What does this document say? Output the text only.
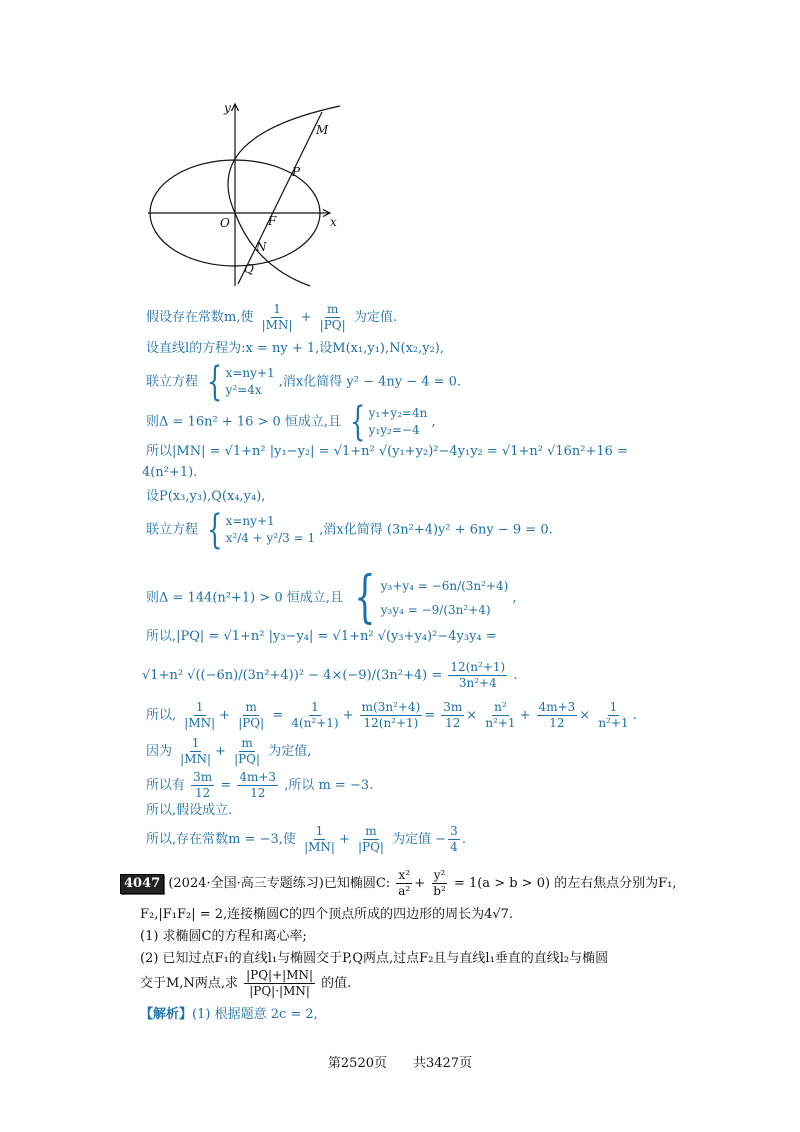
y
x
O	F
M
P
N
Q
假设存在常数m,使 $\frac{1}{|MN|} + \frac{m}{|PQ|}$ 为定值.
设直线l的方程为:x = ny + 1,设M(x₁,y₁),N(x₂,y₂),
联立方程 { x=ny+1
y²=4x
,消x化简得 y² − 4ny − 4 = 0.
则Δ = 16n² + 16 > 0 恒成立,且 { y₁+y₂=4n
y₁y₂=−4
,
所以|MN| = √1+n² |y₁−y₂| = √1+n² √(y₁+y₂)²−4y₁y₂ = √1+n² √16n²+16 =
4(n²+1).
设P(x₃,y₃),Q(x₄,y₄),
联立方程 { x=ny+1
x²/4 + y²/3 = 1
,消x化简得 (3n²+4)y² + 6ny − 9 = 0.
则Δ = 144(n²+1) > 0 恒成立,且 { y₃+y₄ = −6n/(3n²+4)
y₃y₄ = −9/(3n²+4)
,
所以,|PQ| = √1+n² |y₃−y₄| = √1+n² √(y₃+y₄)²−4y₃y₄ =
√1+n² $√((-6n)/(3n^2+4))^2 - 4\times(-9)/(3n^2+4) = \frac{\text{12(n²+1)}}{\text{3n²+4}}$ .
所以, $\frac{1}{|MN|} + \frac{m}{|PQ|} = \frac{1}{\text{4(n²+1)}} + \frac{\text{m(3n²+4)}}{\text{12(n²+1)}} = \frac{3m}{12} \times \frac{\text{n²}}{\text{n²+1}} + \frac{4m+3}{12} \times \frac{1}{\text{n²+1}}$ .
因为 $\frac{1}{|MN|} + \frac{m}{|PQ|}$ 为定值,
所以有 $\frac{3m}{12} = \frac{4m+3}{12}$ ,所以 m = −3.
所以,假设成立.
所以,存在常数m = −3,使 $\frac{1}{|MN|} + \frac{m}{|PQ|}$ 为定值 − $\frac{3}{4}$ .
4047 (2024·全国·高三专题练习)已知椭圆C: $\frac{\text{x²}}{\text{a²}} + \frac{\text{y²}}{\text{b²}} = 1(a > b > 0)$ 的左右焦点分别为F₁,
F₂,|F₁F₂| = 2,连接椭圆C的四个顶点所成的四边形的周长为4√7.
(1) 求椭圆C的方程和离心率;
(2) 已知过点F₁的直线l₁与椭圆交于P,Q两点,过点F₂且与直线l₁垂直的直线l₂与椭圆
交于M,N两点,求 $\frac{|PQ|+|MN|}{|PQ|\cdot|MN|}$ 的值.
【解析】(1) 根据题意 2c = 2,
第2520页　　共3427页
